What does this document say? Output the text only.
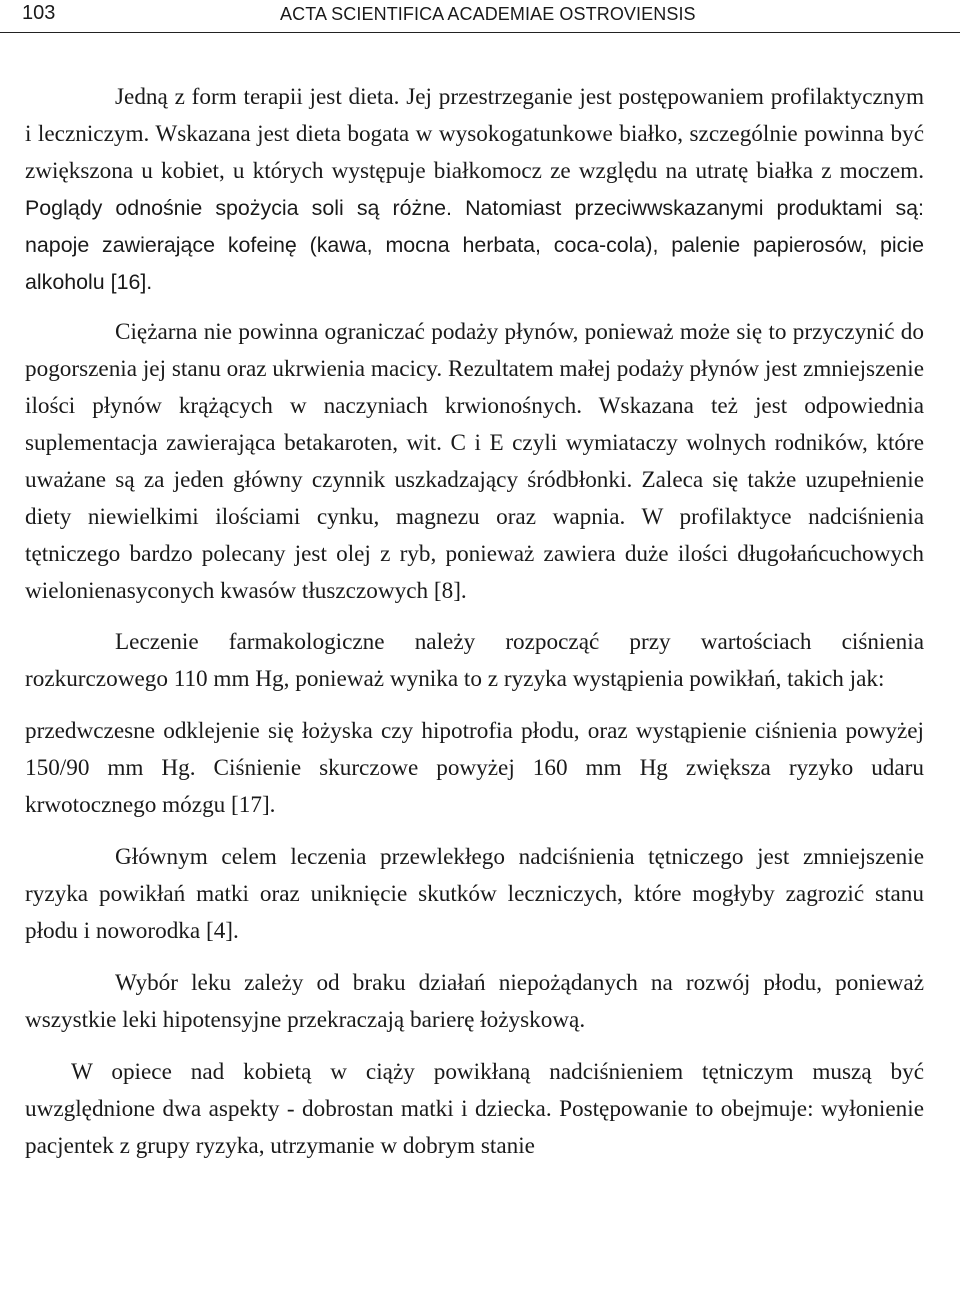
103	ACTA SCIENTIFICA ACADEMIAE OSTROVIENSIS

Jedną z form terapii jest dieta. Jej przestrzeganie jest postępowaniem profilaktycznym i leczniczym. Wskazana jest dieta bogata w wysokogatunkowe białko, szczególnie powinna być zwiększona u kobiet, u których występuje białkomocz ze względu na utratę białka z moczem. Poglądy odnośnie spożycia soli są różne. Natomiast przeciwwskazanymi produktami są: napoje zawierające kofeinę (kawa, mocna herbata, coca-cola), palenie papierosów, picie alkoholu [16].

Ciężarna nie powinna ograniczać podaży płynów, ponieważ może się to przyczynić do pogorszenia jej stanu oraz ukrwienia macicy. Rezultatem małej podaży płynów jest zmniejszenie ilości płynów krążących w naczyniach krwionośnych. Wskazana też jest odpowiednia suplementacja zawierająca betakaroten, wit. C i E czyli wymiataczy wolnych rodników, które uważane są za jeden główny czynnik uszkadzający śródbłonki. Zaleca się także uzupełnienie diety niewielkimi ilościami cynku, magnezu oraz wapnia. W profilaktyce nadciśnienia tętniczego bardzo polecany jest olej z ryb, ponieważ zawiera duże ilości długołańcuchowych wielonienasyconych kwasów tłuszczowych [8].

Leczenie farmakologiczne należy rozpocząć przy wartościach ciśnienia rozkurczowego 110 mm Hg, ponieważ wynika to z ryzyka wystąpienia powikłań, takich jak:

przedwczesne odklejenie się łożyska czy hipotrofia płodu, oraz wystąpienie ciśnienia powyżej 150/90 mm Hg. Ciśnienie skurczowe powyżej 160 mm Hg zwiększa ryzyko udaru krwotocznego mózgu [17].

Głównym celem leczenia przewlekłego nadciśnienia tętniczego jest zmniejszenie ryzyka powikłań matki oraz uniknięcie skutków leczniczych, które mogłyby zagrozić stanu płodu i noworodka [4].

Wybór leku zależy od braku działań niepożądanych na rozwój płodu, ponieważ wszystkie leki hipotensyjne przekraczają barierę łożyskową.

W opiece nad kobietą w ciąży powikłaną nadciśnieniem tętniczym muszą być uwzględnione dwa aspekty - dobrostan matki i dziecka. Postępowanie to obejmuje: wyłonienie pacjentek z grupy ryzyka, utrzymanie w dobrym stanie
